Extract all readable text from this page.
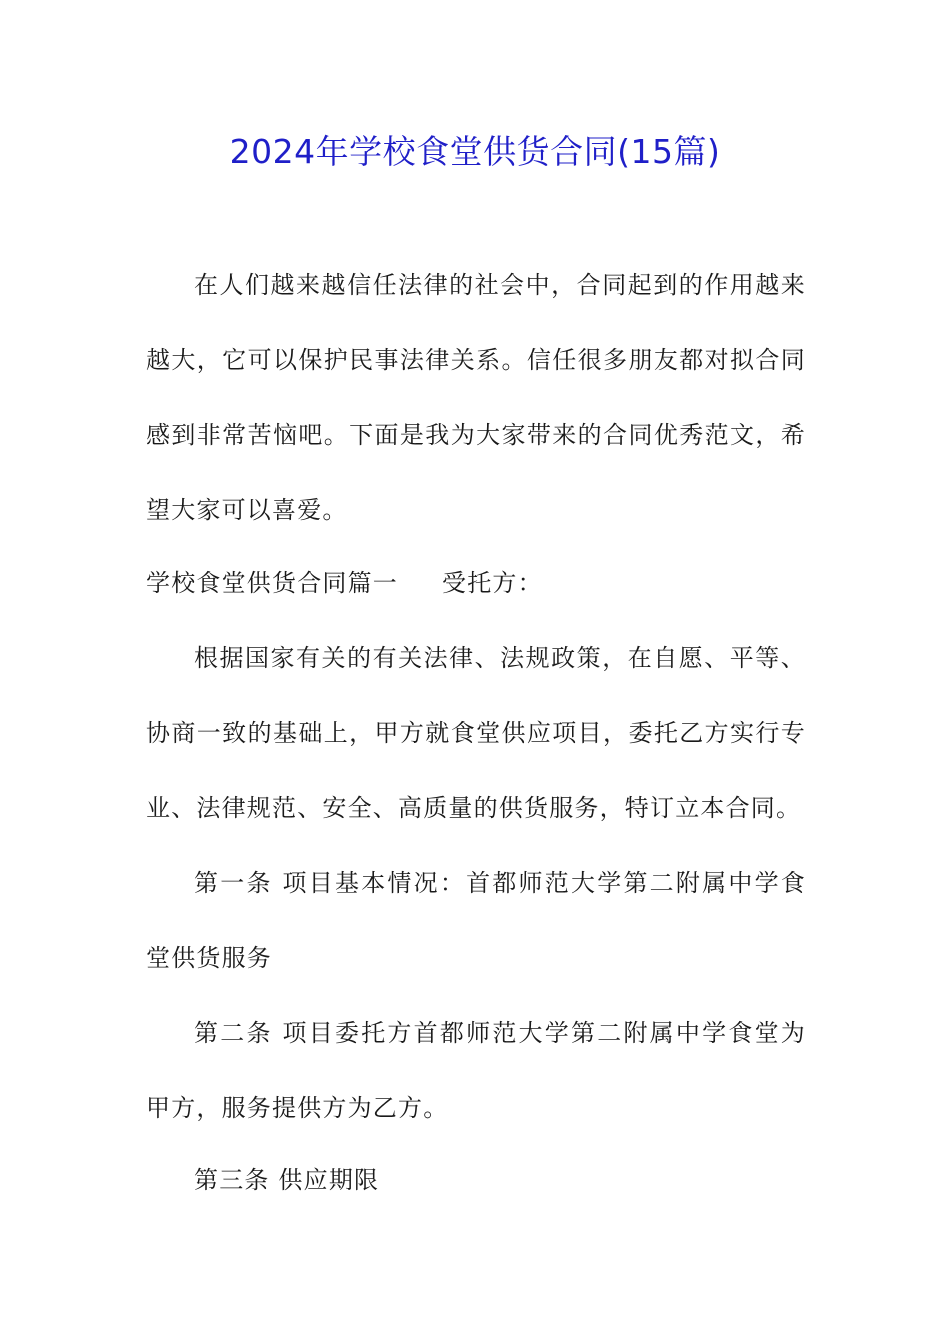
2024年学校食堂供货合同(15篇)
在人们越来越信任法律的社会中，合同起到的作用越来越大，它可以保护民事法律关系。信任很多朋友都对拟合同感到非常苦恼吧。下面是我为大家带来的合同优秀范文，希望大家可以喜爱。
学校食堂供货合同篇一 受托方：
根据国家有关的有关法律、法规政策，在自愿、平等、协商一致的基础上，甲方就食堂供应项目，委托乙方实行专业、法律规范、安全、高质量的供货服务，特订立本合同。
第一条 项目基本情况：首都师范大学第二附属中学食堂供货服务
第二条 项目委托方首都师范大学第二附属中学食堂为甲方，服务提供方为乙方。
第三条 供应期限
